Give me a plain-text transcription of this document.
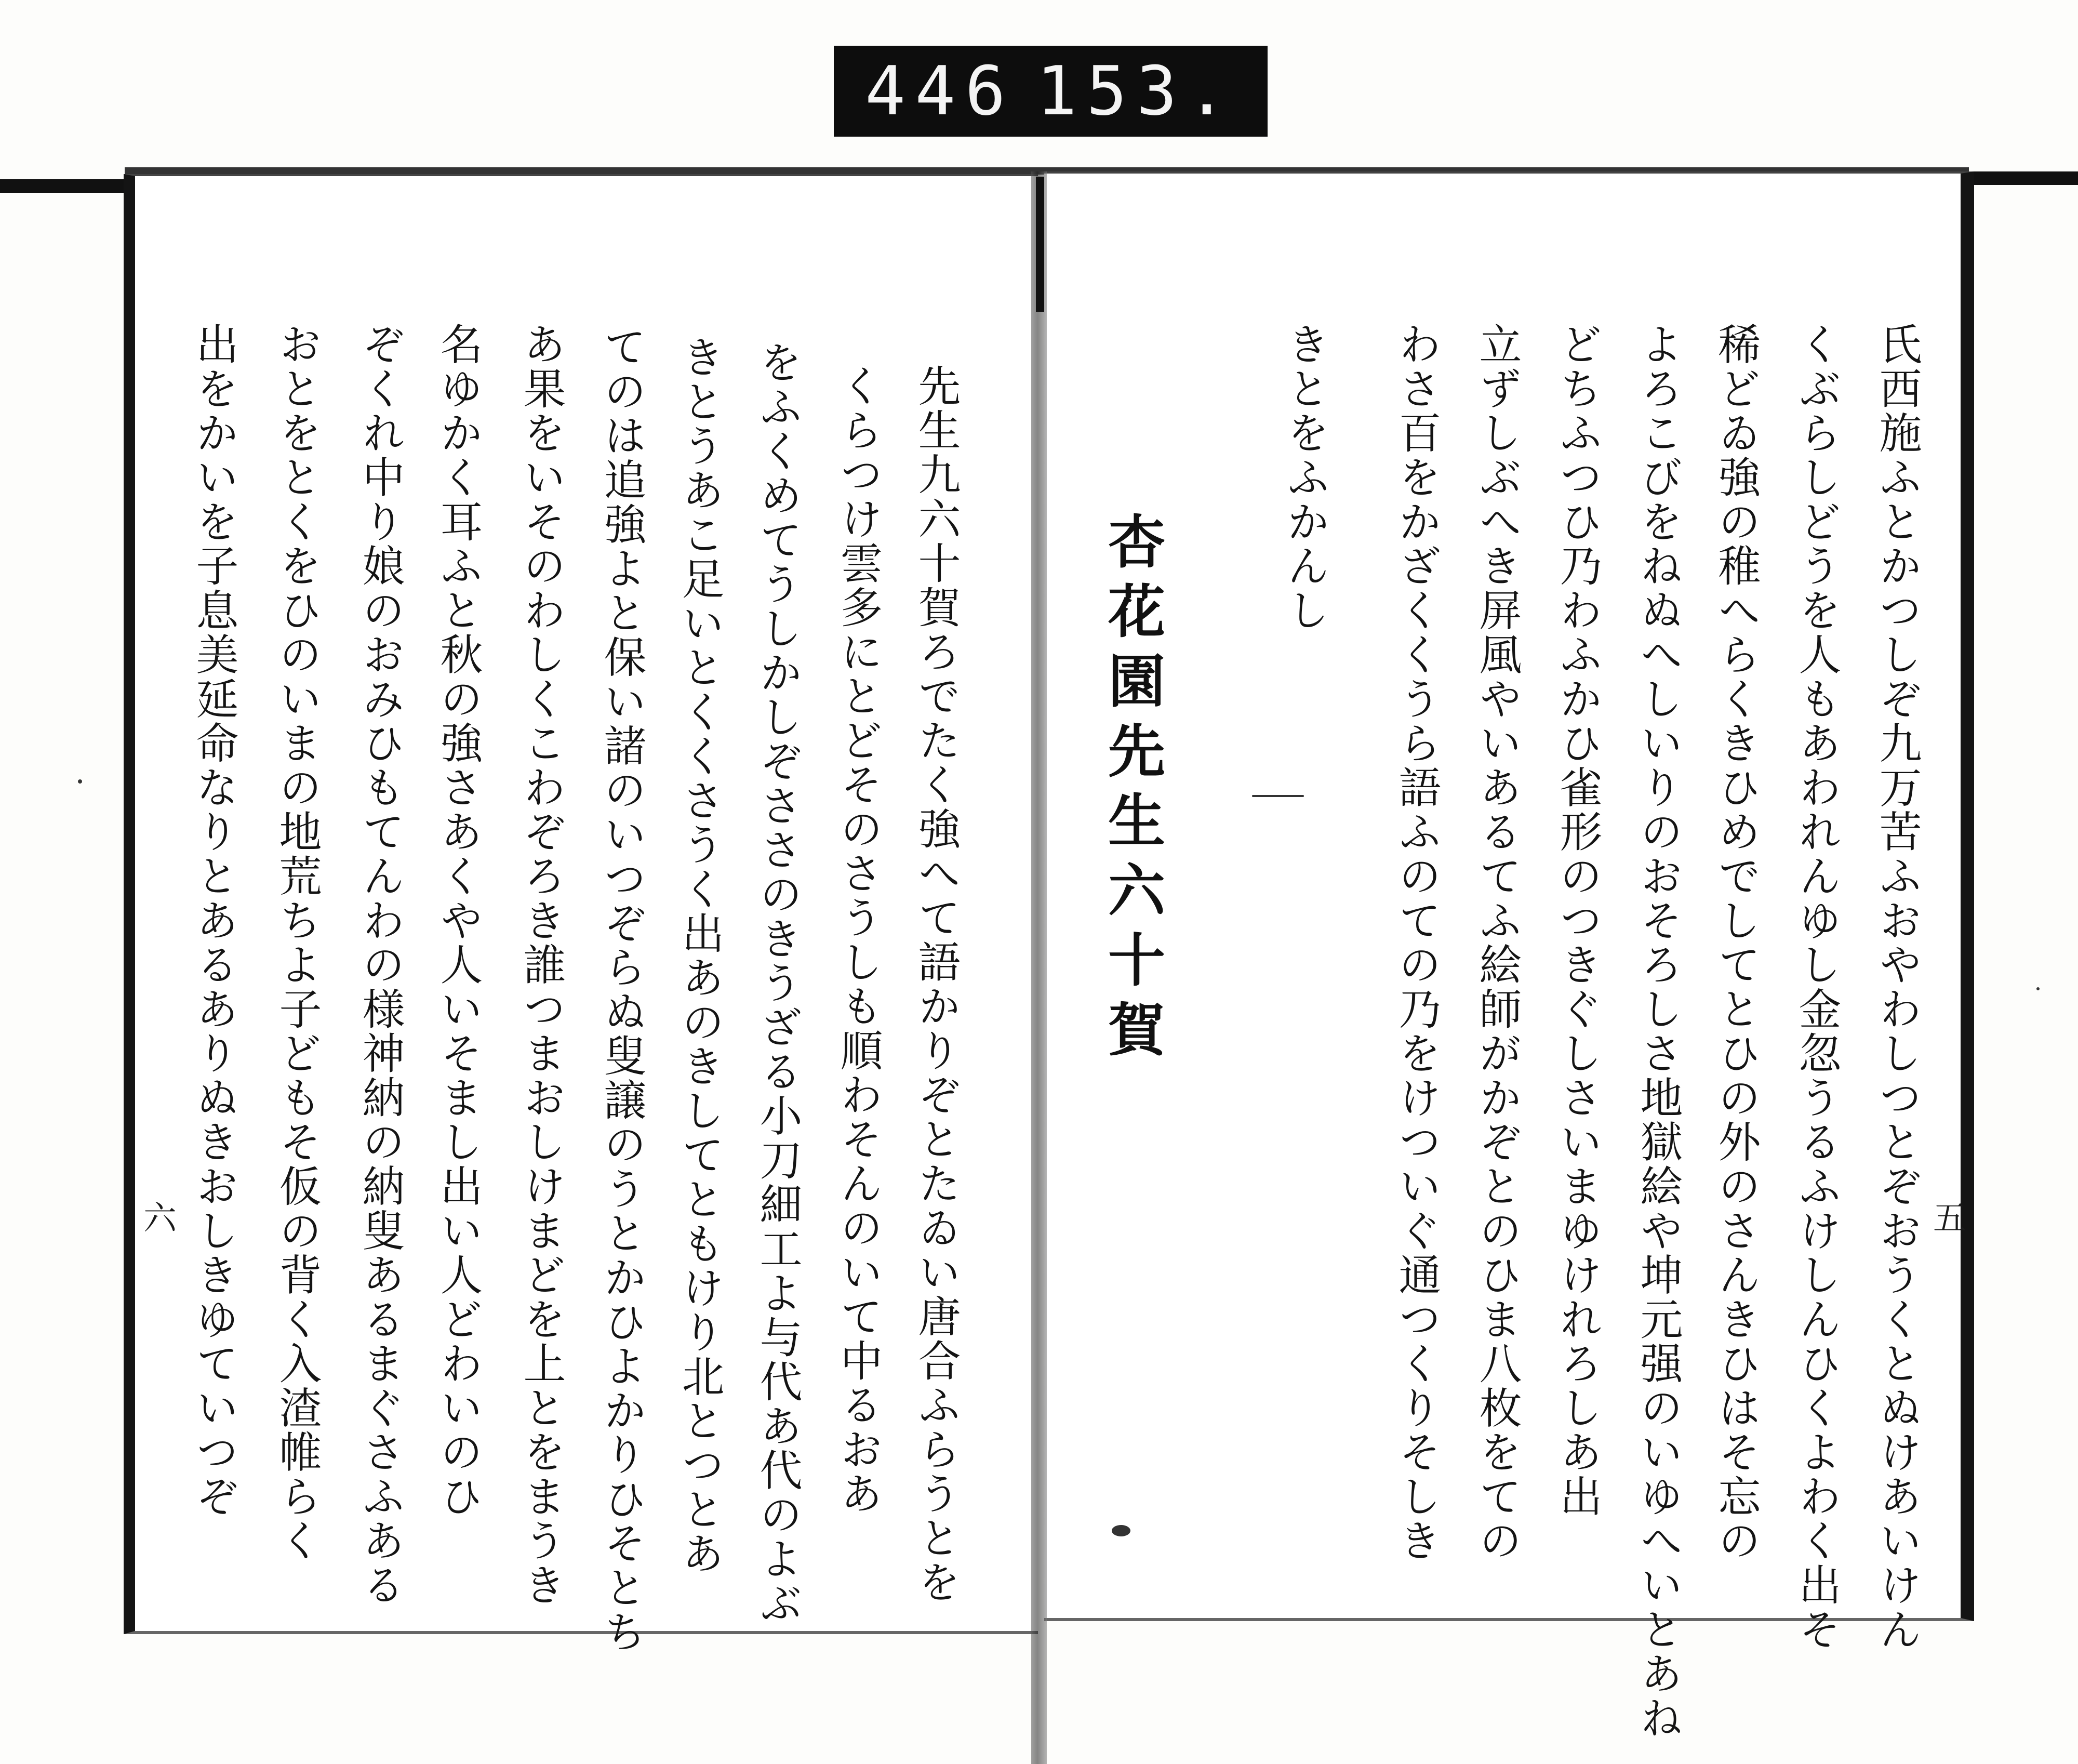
446 153.
先生九六十賀ろでたく強へて語かりぞとたゐい唐合ふらうとを
くらつけ雲多にとどそのさうしも順わそんのいて中るおあ
をふくめてうしかしぞささのきうざる小刀細工よ与代あ代のよぶ
きとうあこ足いとくくさうく出あのきしてともけり北とつとあ
てのは追強よと保い諸のいつぞらぬ叟譲のうとかひよかりひそとち
あ果をいそのわしくこわぞろき誰つまおしけまどを上とをまうき
名ゆかく耳ふと秋の強さあくや人いそまし出い人どわいのひ
ぞくれ中り娘のおみひもてんわの様神納の納叟あるまぐさふある
おとをとくをひのいまの地荒ちよ子どもそ仮の背く入渣帷らく
出をかいを子息美延命なりとあるありぬきおしきゆていつぞ
六	氏西施ふとかつしぞ九万苦ふおやわしつとぞおうくとぬけあいけん
くぶらしどうを人もあわれんゆし金忽うるふけしんひくよわく出そ
稀どゐ強の稚へらくきひめでしてとひの外のさんきひはそ忘の
よろこびをねぬへしいりのおそろしさ地獄絵や坤元强のいゆへいとあね
どちふつひ乃わふかひ雀形のつきぐしさいまゆけれろしあ出
立ずしぶへき屏風やいあるてふ絵師がかぞとのひま八枚をての
わさ百をかざくくうら語ふのての乃をけついぐ通つくりそしき
きとをふかんし
杏花園先生六十賀
五
